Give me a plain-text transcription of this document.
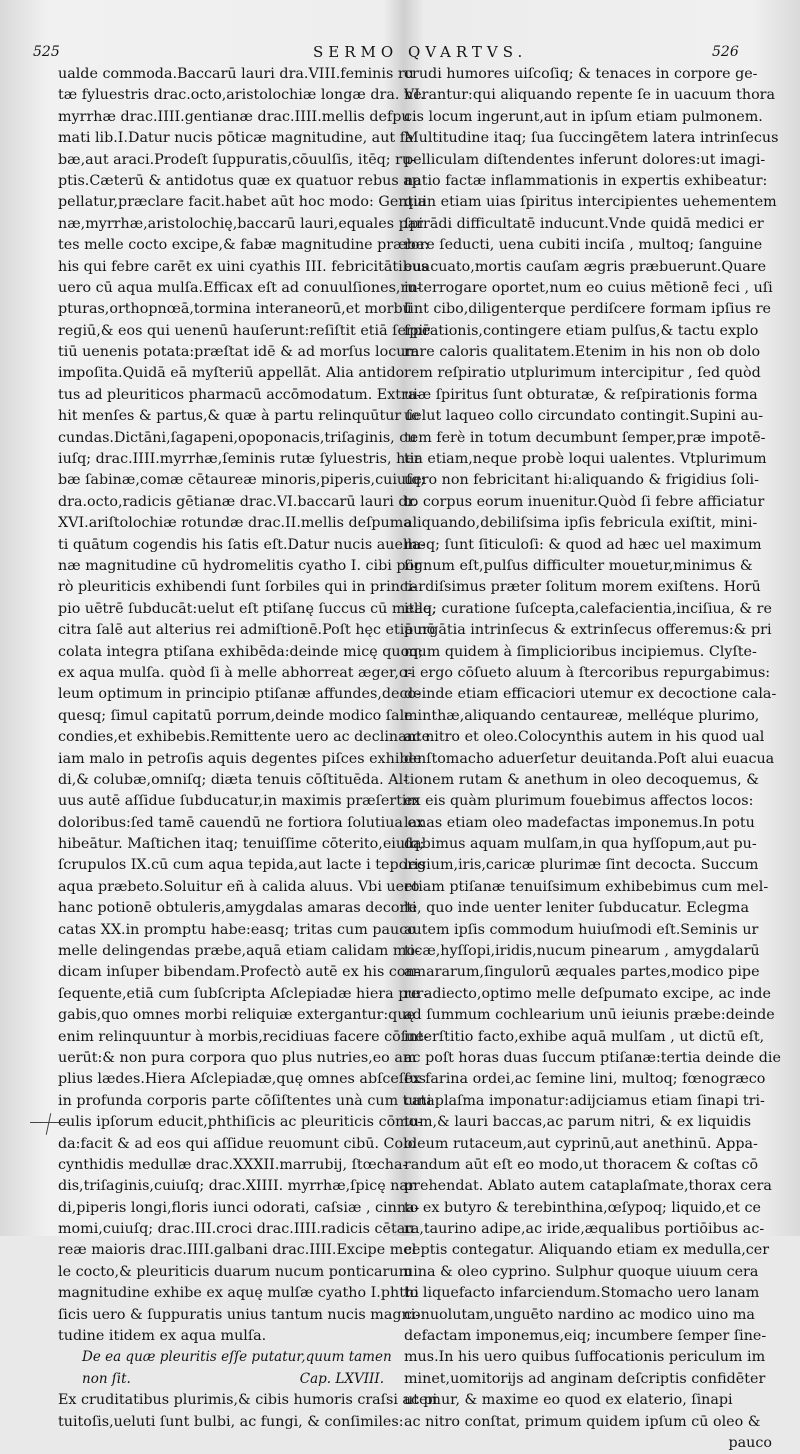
525	SERMO QVARTVS.	526
ualde commoda.Baccarū lauri dra.VIII.feminis ru
tæ fyluestris drac.octo,aristolochiæ longæ dra. VI.
myrrhæ drac.IIII.gentianæ drac.IIII.mellis defpu
mati lib.I.Datur nucis pōticæ magnitudine, aut fa
bæ,aut araci.Prodeſt ſuppuratis,cōuulſis, itēq; ru-
ptis.Cæterū & antidotus quæ ex quatuor rebus ap
pellatur,præclare facit.habet aūt hoc modo: Gentia
næ,myrrhæ,aristolochię,baccarū lauri,equales par
tes melle cocto excipe,& fabæ magnitudine præbe:
his qui febre carēt ex uini cyathis III. febricitātibus
uero cū aqua mulſa.Efficax eſt ad conuulſiones,ru-
pturas,orthopnœā,tormina interaneorū,et morbū
regiū,& eos qui uenenū hauſerunt:reſiſtit etiā ſerpē
tiū uenenis potata:præſtat idē & ad morſus locum
impoſita.Quidā eā myſteriū appellāt. Alia antido
tus ad pleuriticos pharmacū accōmodatum. Extra-
hit menſes & partus,& quæ à partu relinquūtur ſe
cundas.Dictāni,ſagapeni,opoponacis,triſaginis, cu
iuſq; drac.IIII.myrrhæ,ſeminis rutæ ſyluestris, her
bæ ſabinæ,comæ cētaureæ minoris,piperis,cuiuſq;
dra.octo,radicis gētianæ drac.VI.baccarū lauri dr.
XVI.ariſtolochiæ rotundæ drac.II.mellis deſpuma
ti quātum cogendis his ſatis eſt.Datur nucis auella-
næ magnitudine cū hydromelitis cyatho I. cibi por
rò pleuriticis exhibendi ſunt ſorbiles qui in princi-
pio uētrē ſubducāt:uelut eſt ptiſanę ſuccus cū melle,
citra ſalē aut alterius rei admiſtionē.Poſt hęc etiā nō
colata integra ptiſana exhibēda:deinde micę quoq;
ex aqua mulſa. quòd ſi à melle abhorreat æger,o-
leum optimum in principio ptiſanæ affundes,deco-
quesq; ſimul capitatū porrum,deinde modico ſale
condies,et exhibebis.Remittente uero ac declinante
iam malo in petroſis aquis degentes piſces exhiben
di,& colubæ,omniſq; diæta tenuis cōſtituēda. Al-
uus autē aſſidue ſubducatur,in maximis præſertim
doloribus:ſed tamē cauendū ne fortiora ſolutiua ex
hibeātur. Maſtichen itaq; tenuiſſime cōterito,eiuſq;
ſcrupulos IX.cū cum aqua tepida,aut lacte i teporis
aqua præbeto.Soluitur eñ à calida aluus. Vbi uero
hanc potionē obtuleris,amygdalas amaras decorti
catas XX.in promptu habe:easq; tritas cum pauco
melle delingendas præbe,aquā etiam calidam mo-
dicam inſuper bibendam.Profectò autē ex his con-
ſequente,etiā cum ſubſcripta Aſclepiadæ hiera pur-
gabis,quo omnes morbi reliquiæ extergantur:quę
enim relinquuntur à morbis,recidiuas facere cōſue-
uerūt:& non pura corpora quo plus nutries,eo am
plius lædes.Hiera Aſclepiadæ,quę omnes abſceſſus
in profunda corporis parte cōſiſtentes unà cum tuni
culis ipſorum educit,phthiſicis ac pleuriticis cōmo-
da:facit & ad eos qui aſſidue reuomunt cibū. Colo
cynthidis medullæ drac.XXXII.marrubij, ſtœcha-
dis,triſaginis,cuiuſq; drac.XIIII. myrrhæ,ſpicę nar
di,piperis longi,floris iunci odorati, caſsiæ , cinna-
momi,cuiuſq; drac.III.croci drac.IIII.radicis cētau
reæ maioris drac.IIII.galbani drac.IIII.Excipe mel
le cocto,& pleuriticis duarum nucum ponticarum
magnitudine exhibe ex aquę mulſæ cyatho I.phthi
ſicis uero & ſuppuratis unius tantum nucis magni-
tudine itidem ex aqua mulſa.
De ea quæ pleuritis eſſe putatur,quum tamen
non ſit.	Cap. LXVIII.
Ex cruditatibus plurimis,& cibis humoris craſsi ac pi
tuitoſis,ueluti ſunt bulbi, ac fungi, & conſimiles:
crudi humores uiſcoſiq; & tenaces in corpore ge-
nerantur:qui aliquando repente ſe in uacuum thora
cis locum ingerunt,aut in ipſum etiam pulmonem.
Multitudine itaq; ſua ſuccingētem latera intrinſecus
pelliculam diſtendentes inferunt dolores:ut imagi-
natio factæ inflammationis in expertis exhibeatur:
quin etiam uias ſpiritus intercipientes uehementem
ſpirādi difficultatē inducunt.Vnde quidā medici er
rore ſeducti, uena cubiti inciſa , multoq; ſanguine
euacuato,mortis cauſam ægris præbuerunt.Quare
interrogare oportet,num eo cuius mētionē feci , uſi
ſint cibo,diligenterque perdiſcere formam ipſius re
ſpirationis,contingere etiam pulſus,& tactu explo
rare caloris qualitatem.Etenim in his non ob dolo
rem reſpiratio utplurimum intercipitur , ſed quòd
uiæ ſpiritus ſunt obturatæ, & reſpirationis forma
uelut laqueo collo circundato contingit.Supini au-
tem ferè in totum decumbunt ſemper,præ impotē-
tia etiam,neque probè loqui ualentes. Vtplurimum
uero non febricitant hi:aliquando & frigidius ſoli-
to corpus eorum inuenitur.Quòd ſi febre afficiatur
aliquando,debiliſsima ipſis febricula exiſtit, mini-
meq; ſunt ſiticuloſi: & quod ad hæc uel maximum
ſignum eſt,pulſus difficulter mouetur,minimus &
tardiſsimus præter ſolitum morem exiſtens. Horū
itaq; curatione ſuſcepta,calefacientia,inciſiua, & re
purgātia intrinſecus & extrinſecus offeremus:& pri
mum quidem à ſimplicioribus incipiemus. Clyſte-
ri ergo cōſueto aluum à ſtercoribus repurgabimus:
deinde etiam efficaciori utemur ex decoctione cala-
minthæ,aliquando centaureæ, melléque plurimo,
ac nitro et oleo.Colocynthis autem in his quod ual
de ſtomacho aduerſetur deuitanda.Poſt alui euacua
tionem rutam & anethum in oleo decoquemus, &
ex eis quàm plurimum fouebimus affectos locos:
lanas etiam oleo madefactas imponemus.In potu
dabimus aquam mulſam,in qua hyſſopum,aut pu-
legium,iris,caricæ plurimæ ſint decocta. Succum
etiam ptiſanæ tenuiſsimum exhibebimus cum mel-
le, quo inde uenter leniter ſubducatur. Eclegma
autem ipſis commodum huiuſmodi eſt.Seminis ur
ticæ,hyſſopi,iridis,nucum pinearum , amygdalarū
amararum,ſingulorū æquales partes,modico pipe
re adiecto,optimo melle deſpumato excipe, ac inde
ad ſummum cochlearium unū ieiunis præbe:deinde
interſtitio facto,exhibe aquā mulſam , ut dictū eſt,
ac poſt horas duas ſuccum ptiſanæ:tertia deinde die
ex farina ordei,ac ſemine lini, multoq; fœnogræco
cataplaſma imponatur:adijciamus etiam ſinapi tri-
tum,& lauri baccas,ac parum nitri, & ex liquidis
oleum rutaceum,aut cyprinū,aut anethinū. Appa-
randum aūt eſt eo modo,ut thoracem & coſtas cō
prehendat. Ablato autem cataplaſmate,thorax cera
to ex butyro & terebinthina,œſypoq; liquido,et ce
ra,taurino adipe,ac iride,æqualibus portiōibus ac-
ceptis contegatur. Aliquando etiam ex medulla,cer
uina & oleo cyprino. Sulphur quoque uiuum cera
to liquefacto infarciendum.Stomacho uero lanam
conuolutam,unguēto nardino ac modico uino ma
defactam imponemus,eiq; incumbere ſemper ſine-
mus.In his uero quibus ſuffocationis periculum im
minet,uomitorijs ad anginam deſcriptis confidēter
utemur, & maxime eo quod ex elaterio, ſinapi
ac nitro conſtat, primum quidem ipſum cū oleo &
pauco
